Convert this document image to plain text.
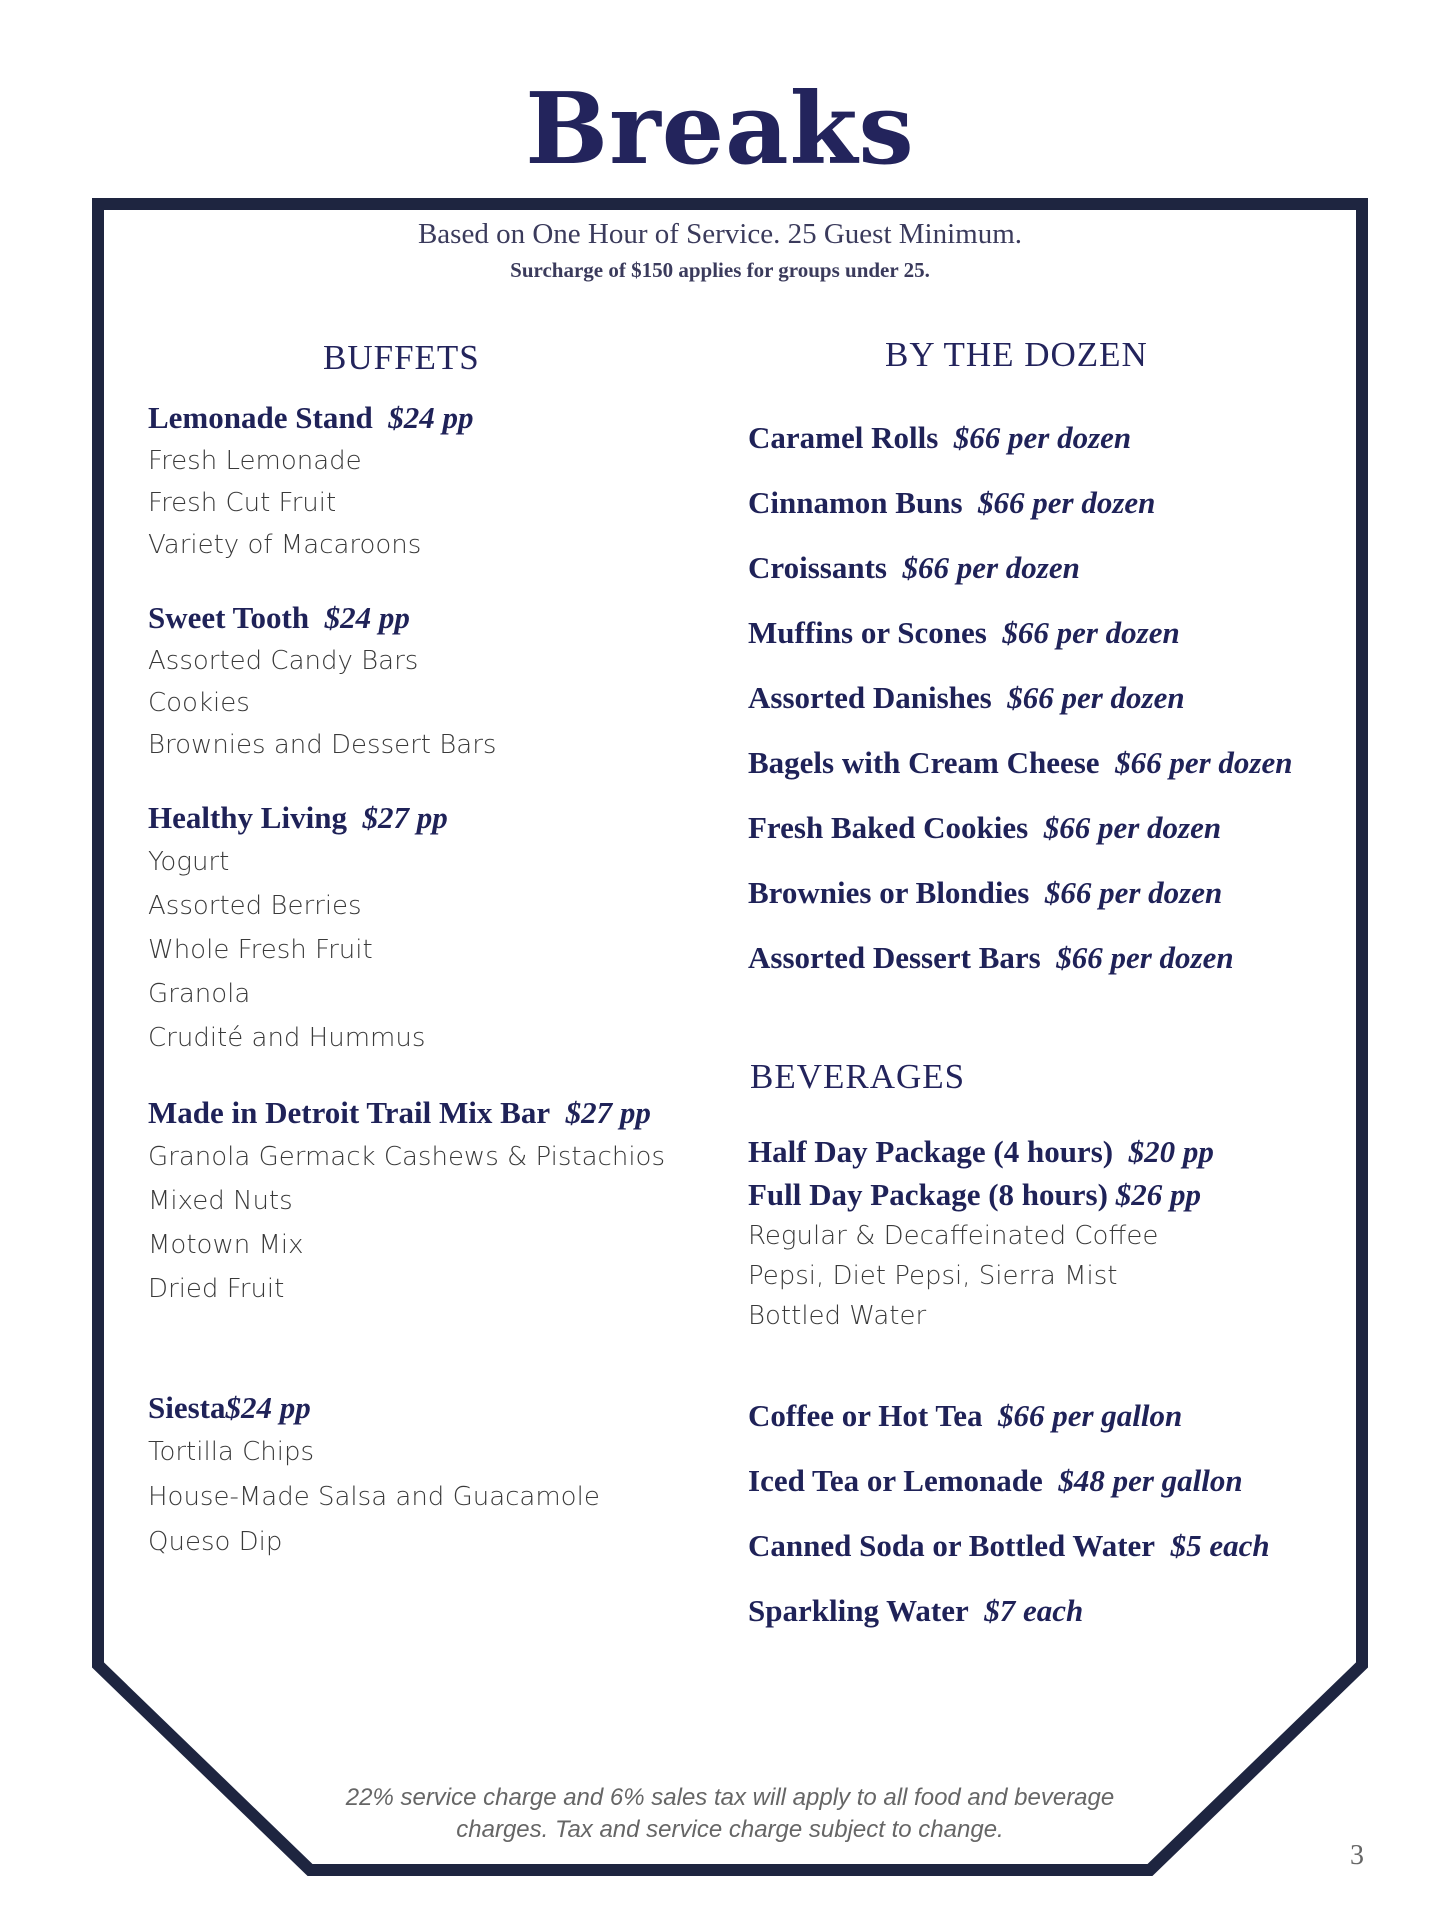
Breaks
Based on One Hour of Service. 25 Guest Minimum.
Surcharge of $150 applies for groups under 25.
BUFFETS
Lemonade Stand $24 pp
Fresh Lemonade
Fresh Cut Fruit
Variety of Macaroons
Sweet Tooth $24 pp
Assorted Candy Bars
Cookies
Brownies and Dessert Bars
Healthy Living $27 pp
Yogurt
Assorted Berries
Whole Fresh Fruit
Granola
Crudité and Hummus
Made in Detroit Trail Mix Bar $27 pp
Granola Germack Cashews & Pistachios
Mixed Nuts
Motown Mix
Dried Fruit
Siesta$24 pp
Tortilla Chips
House-Made Salsa and Guacamole
Queso Dip
BY THE DOZEN
Caramel Rolls $66 per dozen
Cinnamon Buns $66 per dozen
Croissants $66 per dozen
Muffins or Scones $66 per dozen
Assorted Danishes $66 per dozen
Bagels with Cream Cheese $66 per dozen
Fresh Baked Cookies $66 per dozen
Brownies or Blondies $66 per dozen
Assorted Dessert Bars $66 per dozen
BEVERAGES
Half Day Package (4 hours) $20 pp
Full Day Package (8 hours) $26 pp
Regular & Decaffeinated Coffee
Pepsi, Diet Pepsi, Sierra Mist
Bottled Water
Coffee or Hot Tea $66 per gallon
Iced Tea or Lemonade $48 per gallon
Canned Soda or Bottled Water $5 each
Sparkling Water $7 each
22% service charge and 6% sales tax will apply to all food and beverage
charges. Tax and service charge subject to change.
3
